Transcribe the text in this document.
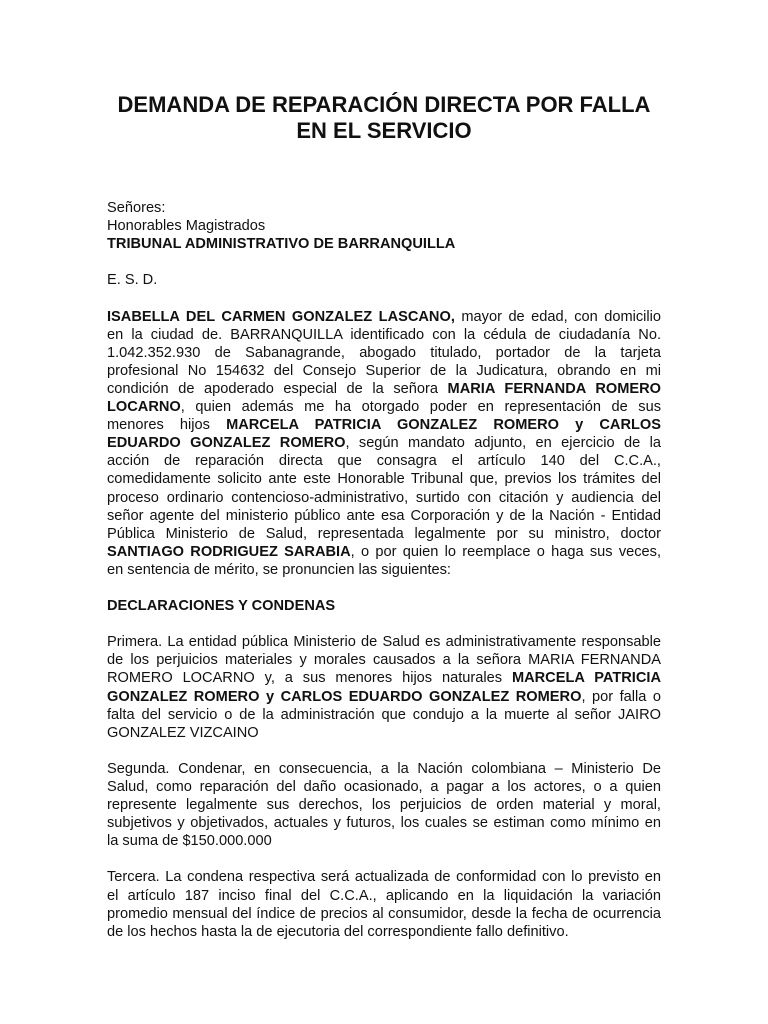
DEMANDA DE REPARACIÓN DIRECTA POR FALLA
EN EL SERVICIO
Señores:
Honorables Magistrados
TRIBUNAL ADMINISTRATIVO DE BARRANQUILLA
E. S. D.
ISABELLA DEL CARMEN GONZALEZ LASCANO, mayor de edad, con domicilio
en la ciudad de. BARRANQUILLA identificado con la cédula de ciudadanía No.
1.042.352.930 de Sabanagrande, abogado titulado, portador de la tarjeta
profesional No 154632 del Consejo Superior de la Judicatura, obrando en mi
condición de apoderado especial de la señora MARIA FERNANDA ROMERO
LOCARNO, quien además me ha otorgado poder en representación de sus
menores hijos MARCELA PATRICIA GONZALEZ ROMERO y CARLOS
EDUARDO GONZALEZ ROMERO, según mandato adjunto, en ejercicio de la
acción de reparación directa que consagra el artículo 140 del C.C.A.,
comedidamente solicito ante este Honorable Tribunal que, previos los trámites del
proceso ordinario contencioso-administrativo, surtido con citación y audiencia del
señor agente del ministerio público ante esa Corporación y de la Nación - Entidad
Pública Ministerio de Salud, representada legalmente por su ministro, doctor
SANTIAGO RODRIGUEZ SARABIA, o por quien lo reemplace o haga sus veces,
en sentencia de mérito, se pronuncien las siguientes:
DECLARACIONES Y CONDENAS
Primera. La entidad pública Ministerio de Salud es administrativamente responsable
de los perjuicios materiales y morales causados a la señora MARIA FERNANDA
ROMERO LOCARNO y, a sus menores hijos naturales MARCELA PATRICIA
GONZALEZ ROMERO y CARLOS EDUARDO GONZALEZ ROMERO, por falla o
falta del servicio o de la administración que condujo a la muerte al señor JAIRO
GONZALEZ VIZCAINO
Segunda. Condenar, en consecuencia, a la Nación colombiana – Ministerio De
Salud, como reparación del daño ocasionado, a pagar a los actores, o a quien
represente legalmente sus derechos, los perjuicios de orden material y moral,
subjetivos y objetivados, actuales y futuros, los cuales se estiman como mínimo en
la suma de $150.000.000
Tercera. La condena respectiva será actualizada de conformidad con lo previsto en
el artículo 187 inciso final del C.C.A., aplicando en la liquidación la variación
promedio mensual del índice de precios al consumidor, desde la fecha de ocurrencia
de los hechos hasta la de ejecutoria del correspondiente fallo definitivo.
